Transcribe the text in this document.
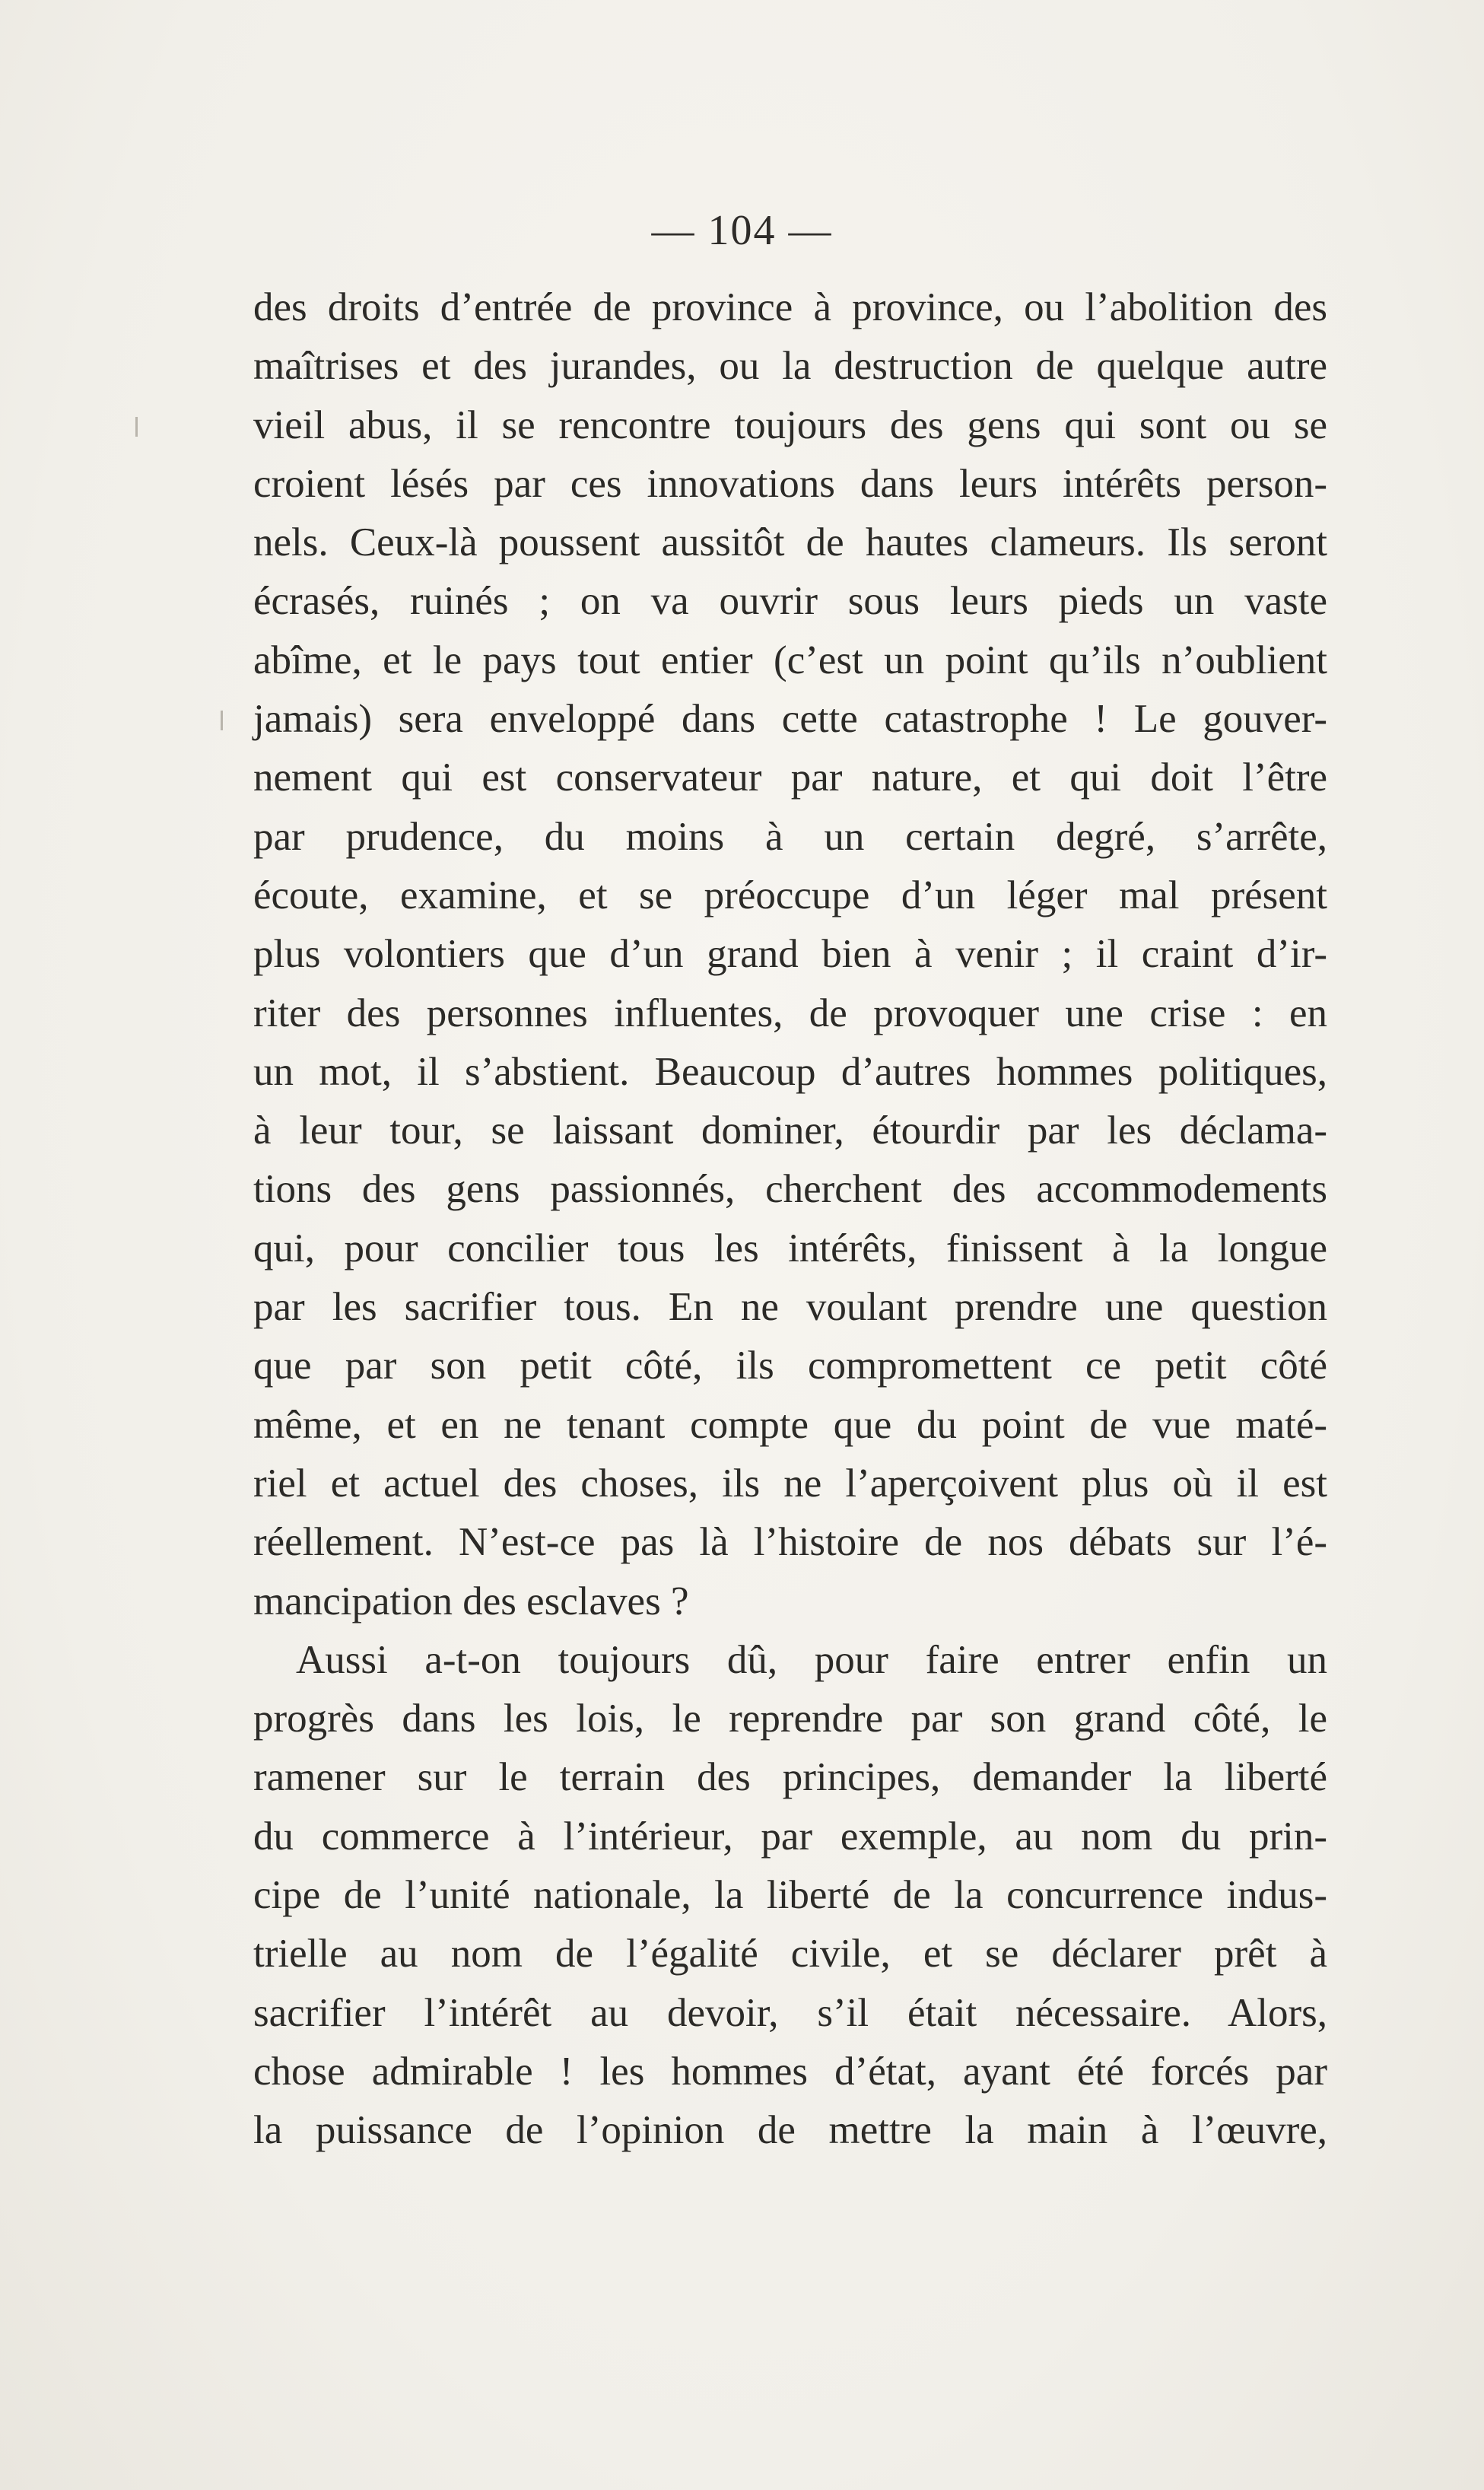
— 104 —
des droits d’entrée de province à province, ou l’abolition des
maîtrises et des jurandes, ou la destruction de quelque autre
vieil abus, il se rencontre toujours des gens qui sont ou se
croient lésés par ces innovations dans leurs intérêts person-
nels. Ceux-là poussent aussitôt de hautes clameurs. Ils seront
écrasés, ruinés ; on va ouvrir sous leurs pieds un vaste
abîme, et le pays tout entier (c’est un point qu’ils n’oublient
jamais) sera enveloppé dans cette catastrophe ! Le gouver-
nement qui est conservateur par nature, et qui doit l’être
par prudence, du moins à un certain degré, s’arrête,
écoute, examine, et se préoccupe d’un léger mal présent
plus volontiers que d’un grand bien à venir ; il craint d’ir-
riter des personnes influentes, de provoquer une crise : en
un mot, il s’abstient. Beaucoup d’autres hommes politiques,
à leur tour, se laissant dominer, étourdir par les déclama-
tions des gens passionnés, cherchent des accommodements
qui, pour concilier tous les intérêts, finissent à la longue
par les sacrifier tous. En ne voulant prendre une question
que par son petit côté, ils compromettent ce petit côté
même, et en ne tenant compte que du point de vue maté-
riel et actuel des choses, ils ne l’aperçoivent plus où il est
réellement. N’est-ce pas là l’histoire de nos débats sur l’é-
mancipation des esclaves ?
Aussi a-t-on toujours dû, pour faire entrer enfin un
progrès dans les lois, le reprendre par son grand côté, le
ramener sur le terrain des principes, demander la liberté
du commerce à l’intérieur, par exemple, au nom du prin-
cipe de l’unité nationale, la liberté de la concurrence indus-
trielle au nom de l’égalité civile, et se déclarer prêt à
sacrifier l’intérêt au devoir, s’il était nécessaire. Alors,
chose admirable ! les hommes d’état, ayant été forcés par
la puissance de l’opinion de mettre la main à l’œuvre,
